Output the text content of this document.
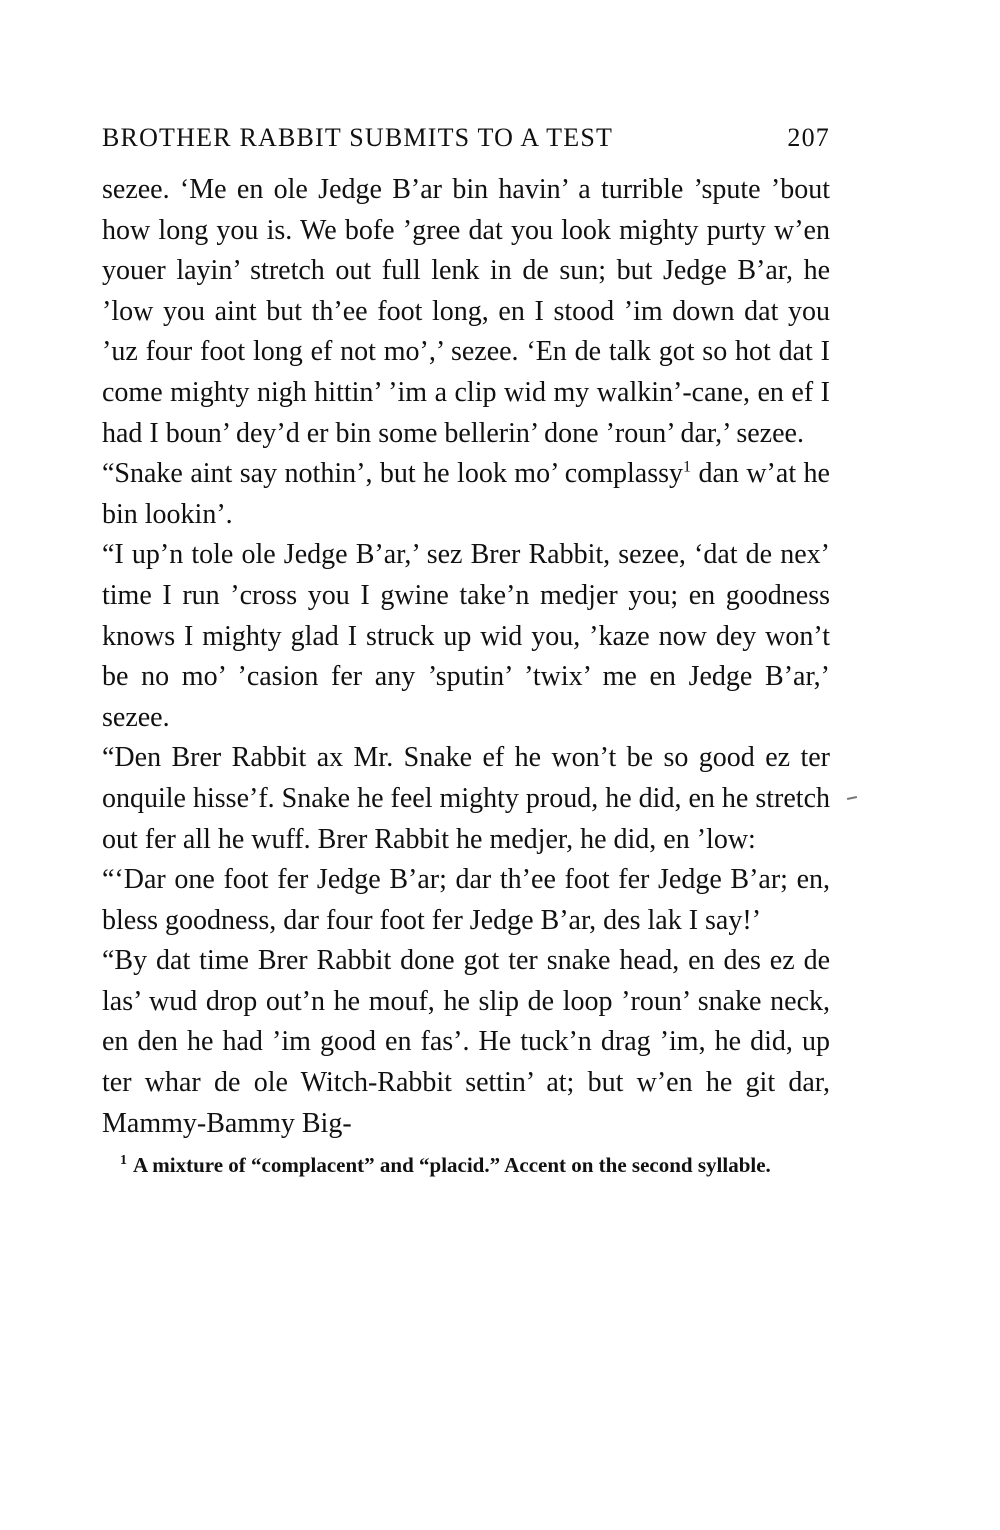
BROTHER RABBIT SUBMITS TO A TEST	207

sezee. ‘Me en ole Jedge B’ar bin havin’ a turrible ’spute ’bout how long you is. We bofe ’gree dat you look mighty purty w’en youer layin’ stretch out full lenk in de sun; but Jedge B’ar, he ’low you aint but th’ee foot long, en I stood ’im down dat you ’uz four foot long ef not mo’,’ sezee. ‘En de talk got so hot dat I come mighty nigh hittin’ ’im a clip wid my walkin’-cane, en ef I had I boun’ dey’d er bin some bellerin’ done ’roun’ dar,’ sezee.

“Snake aint say nothin’, but he look mo’ complassy$^1$ dan w’at he bin lookin’.

“I up’n tole ole Jedge B’ar,’ sez Brer Rabbit, sezee, ‘dat de nex’ time I run ’cross you I gwine take’n medjer you; en goodness knows I mighty glad I struck up wid you, ’kaze now dey won’t be no mo’ ’casion fer any ’sputin’ ’twix’ me en Jedge B’ar,’ sezee.

“Den Brer Rabbit ax Mr. Snake ef he won’t be so good ez ter onquile hisse’f. Snake he feel mighty proud, he did, en he stretch out fer all he wuff. Brer Rabbit he medjer, he did, en ’low:

“‘Dar one foot fer Jedge B’ar; dar th’ee foot fer Jedge B’ar; en, bless goodness, dar four foot fer Jedge B’ar, des lak I say!’

“By dat time Brer Rabbit done got ter snake head, en des ez de las’ wud drop out’n he mouf, he slip de loop ’roun’ snake neck, en den he had ’im good en fas’. He tuck’n drag ’im, he did, up ter whar de ole Witch-Rabbit settin’ at; but w’en he git dar, Mammy-Bammy Big-

$^1$ A mixture of “complacent” and “placid.” Accent on the second syllable.
